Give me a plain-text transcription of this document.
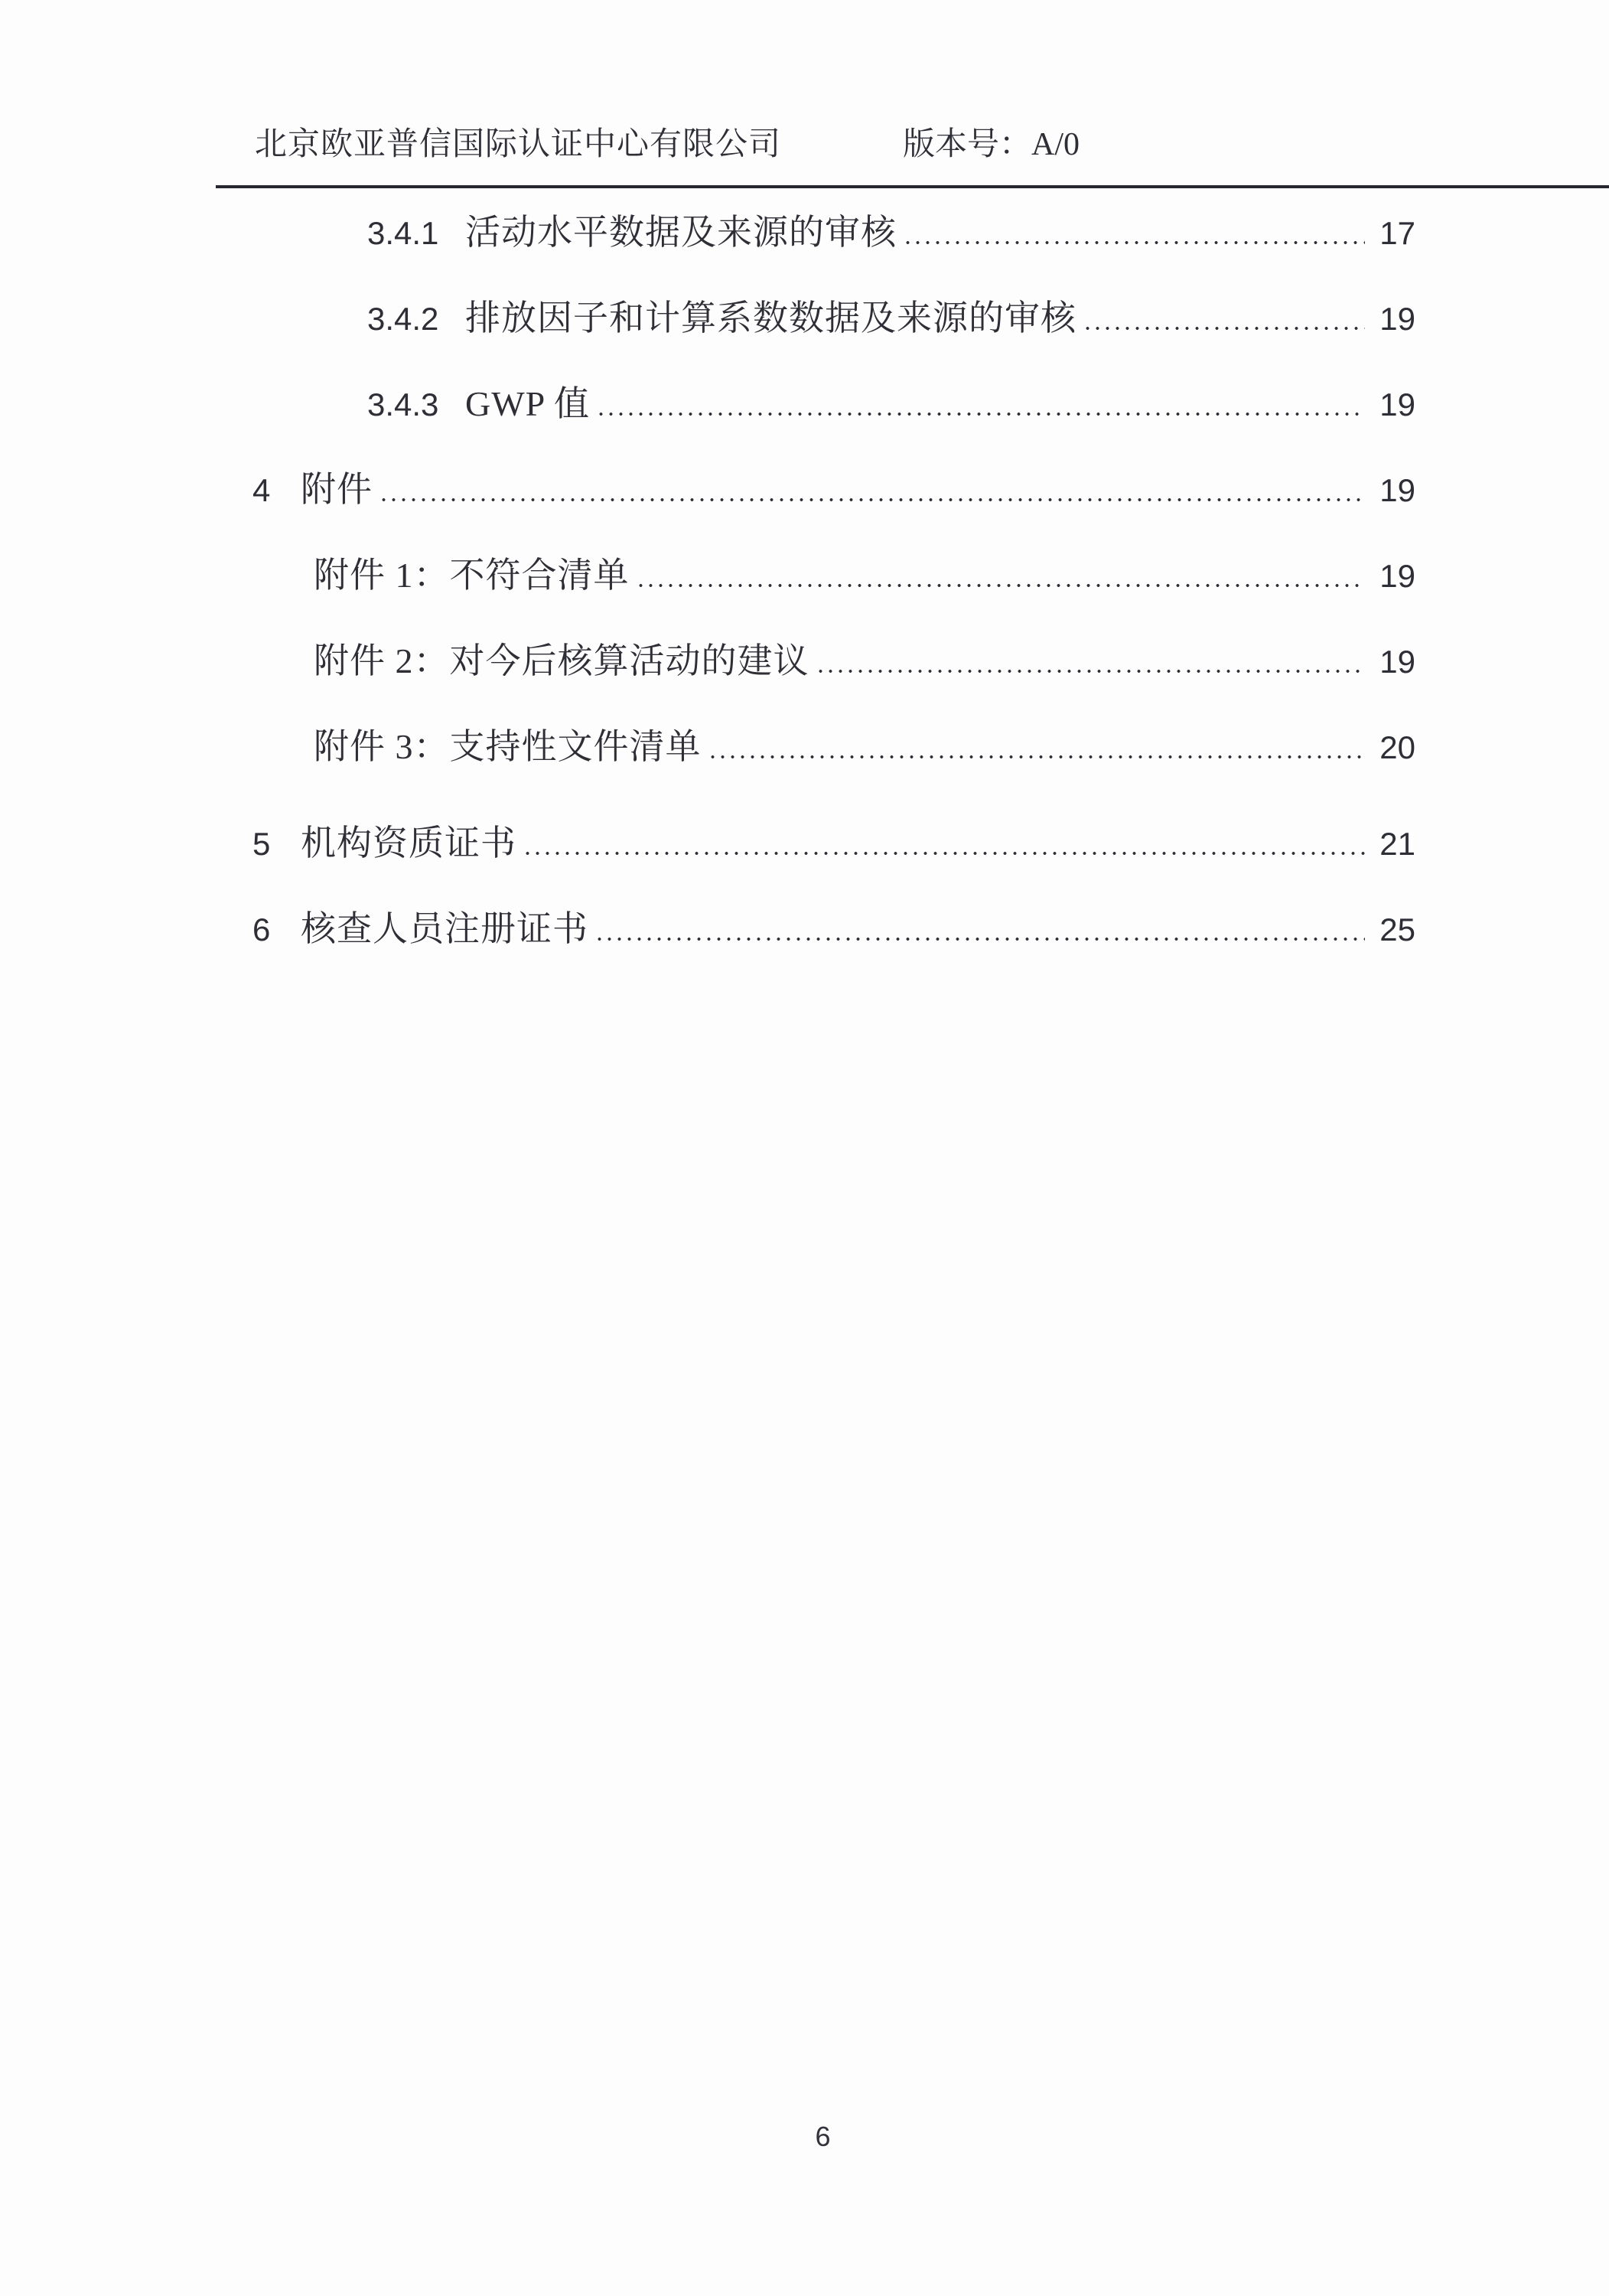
北京欧亚普信国际认证中心有限公司	版本号：A/0
3.4.1 活动水平数据及来源的审核	17
3.4.2 排放因子和计算系数数据及来源的审核	19
3.4.3 GWP 值	19
4 附件	19
附件 1：不符合清单	19
附件 2：对今后核算活动的建议	19
附件 3：支持性文件清单	20
5 机构资质证书	21
6 核查人员注册证书	25
6
